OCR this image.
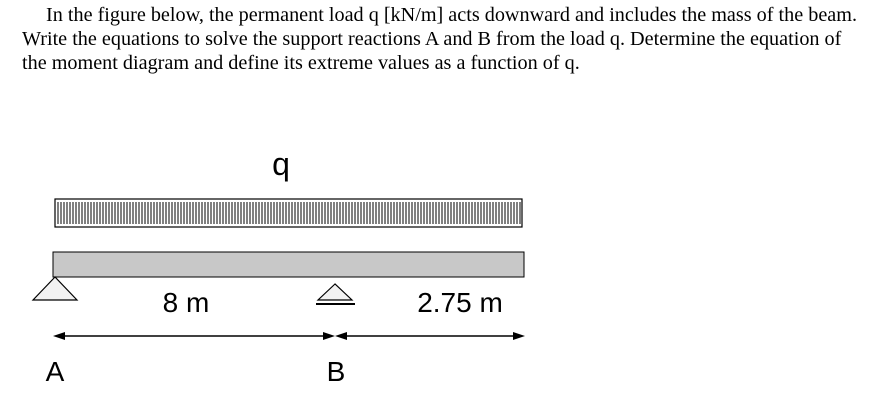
In the figure below, the permanent load q [kN/m] acts downward and includes the mass of the beam. Write the equations to solve the support reactions A and B from the load q. Determine the equation of the moment diagram and define its extreme values as a function of q.

q
8 m	2.75 m
A	B
